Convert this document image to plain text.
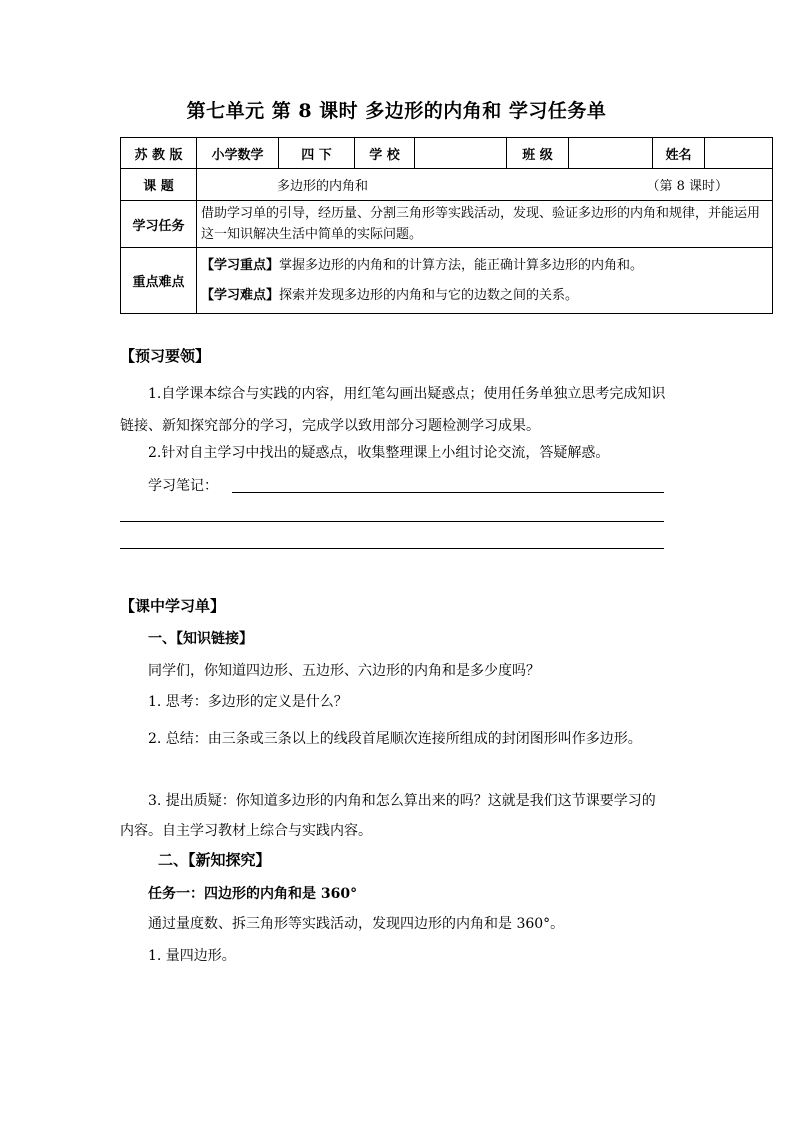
第七单元 第 8 课时 多边形的内角和 学习任务单
苏 教 版	小学数学	四 下	学 校		班 级		姓名	
课 题	多边形的内角和 （第 8 课时）							

学习任务	借助学习单的引导，经历量、分割三角形等实践活动，发现、验证多边形的内角和规律，并能运用这一知识解决生活中简单的实际问题。							
重点难点	【学习重点】掌握多边形的内角和的计算方法，能正确计算多边形的内角和。
【学习难点】探索并发现多边形的内角和与它的边数之间的关系。							
【预习要领】
1.自学课本综合与实践的内容，用红笔勾画出疑惑点；使用任务单独立思考完成知识链接、新知探究部分的学习，完成学以致用部分习题检测学习成果。
2.针对自主学习中找出的疑惑点，收集整理课上小组讨论交流，答疑解惑。
学习笔记：
【课中学习单】
一、【知识链接】
同学们，你知道四边形、五边形、六边形的内角和是多少度吗？
1. 思考：多边形的定义是什么？
2. 总结：由三条或三条以上的线段首尾顺次连接所组成的封闭图形叫作多边形。
3. 提出质疑：你知道多边形的内角和怎么算出来的吗？这就是我们这节课要学习的内容。自主学习教材上综合与实践内容。
二、【新知探究】
任务一：四边形的内角和是 360°
通过量度数、拆三角形等实践活动，发现四边形的内角和是 360°。
1. 量四边形。
